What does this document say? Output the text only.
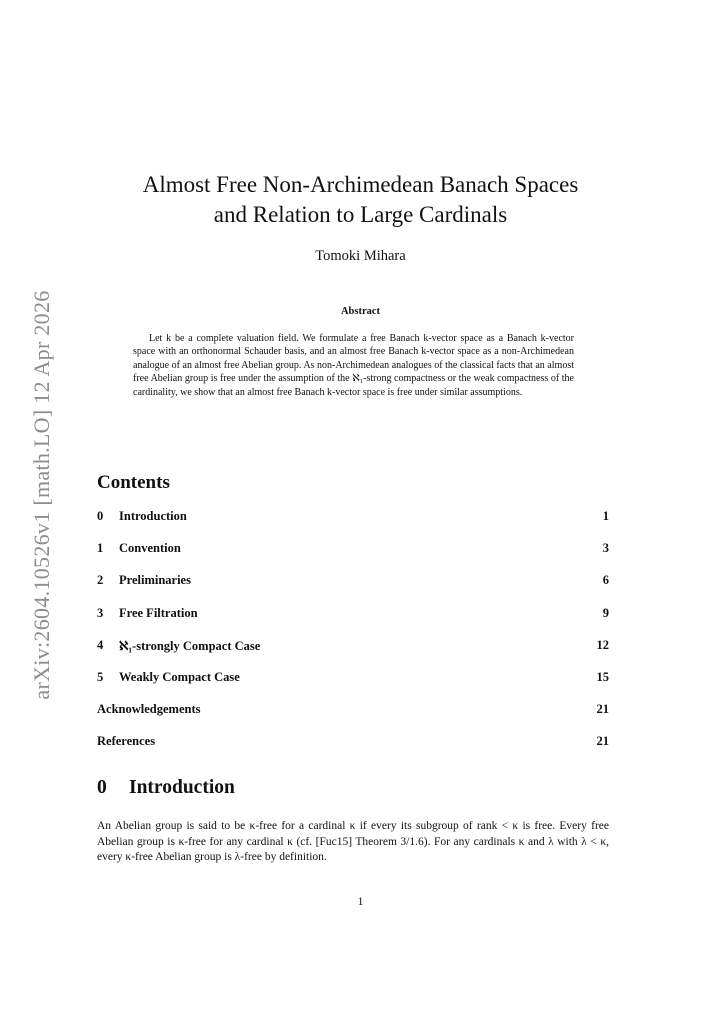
arXiv:2604.10526v1 [math.LO] 12 Apr 2026
Almost Free Non-Archimedean Banach Spaces
and Relation to Large Cardinals
Tomoki Mihara
Abstract

Let k be a complete valuation field. We formulate a free Banach k-vector space as a Banach k-vector space with an orthonormal Schauder basis, and an almost free Banach k-vector space as a non-Archimedean analogue of an almost free Abelian group. As non-Archimedean analogues of the classical facts that an almost free Abelian group is free under the assumption of the ℵ₁-strong compactness or the weak compactness of the cardinality, we show that an almost free Banach k-vector space is free under similar assumptions.

Contents
0	Introduction	1
1	Convention	3
2	Preliminaries	6
3	Free Filtration	9
4	ℵ₁-strongly Compact Case	12
5	Weakly Compact Case	15
Acknowledgements	21
References	21
0	Introduction

An Abelian group is said to be κ-free for a cardinal κ if every its subgroup of rank < κ is free. Every free Abelian group is κ-free for any cardinal κ (cf. [Fuc15] Theorem 3/1.6). For any cardinals κ and λ with λ < κ, every κ-free Abelian group is λ-free by definition.

1
